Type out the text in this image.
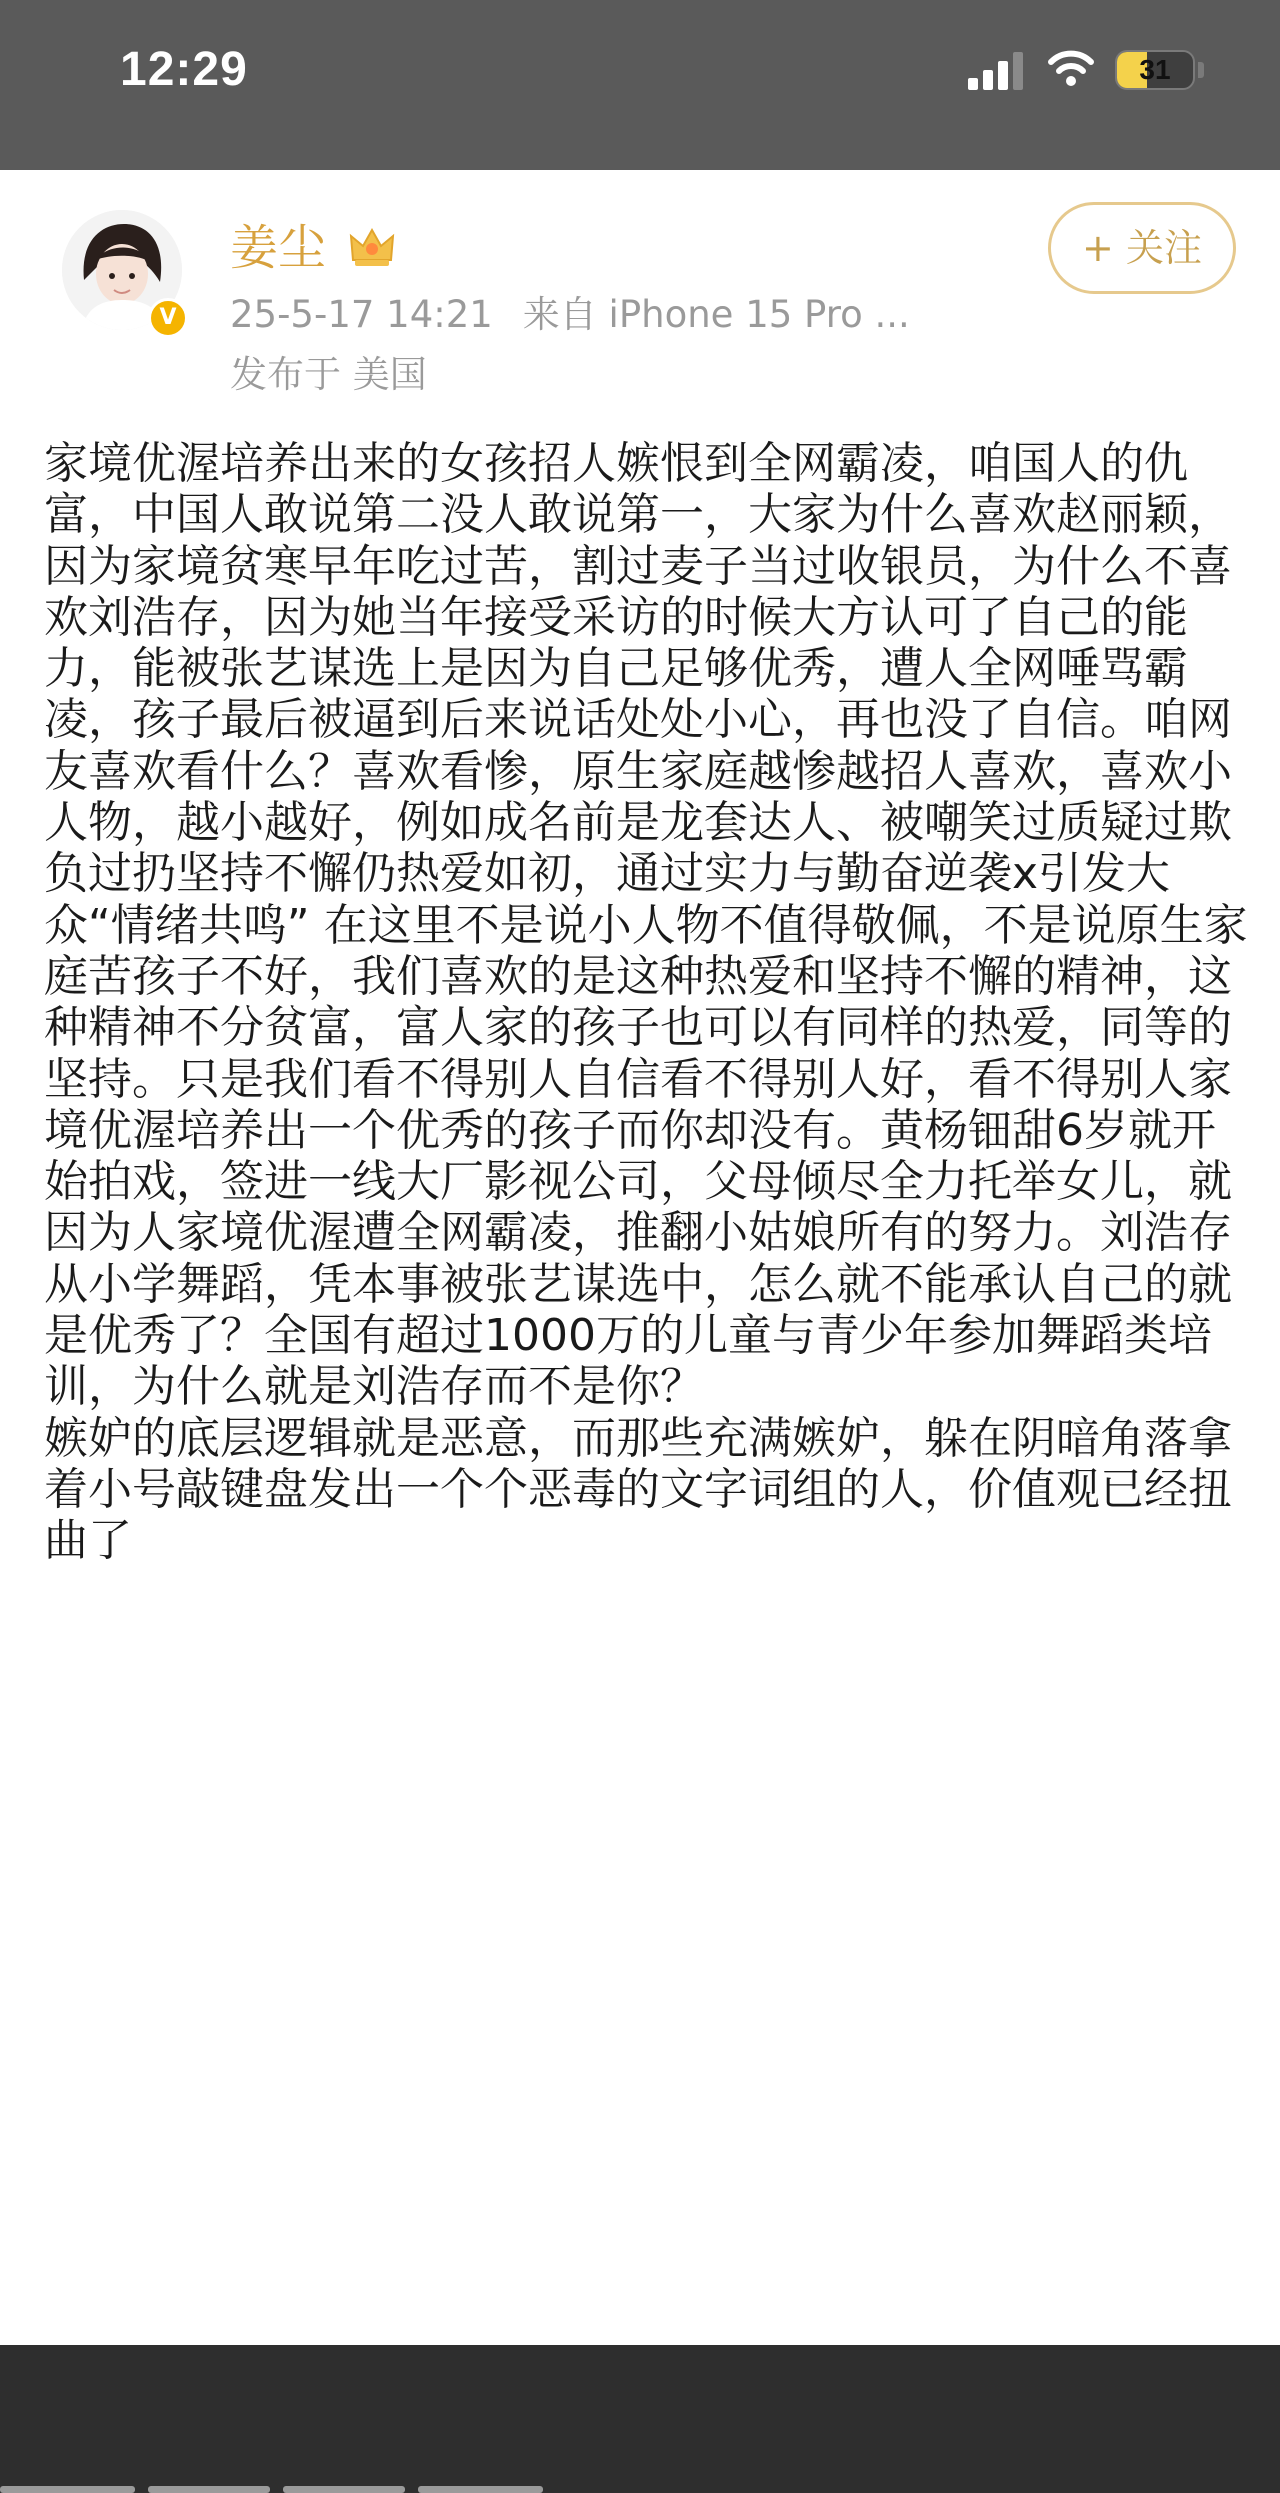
12:29	31
V
姜尘
25-5-17 14:21 来自 iPhone 15 Pro ...
发布于 美国
+ 关注

家境优渥培养出来的女孩招人嫉恨到全网霸凌，咱国人的仇富，中国人敢说第二没人敢说第一，大家为什么喜欢赵丽颖，因为家境贫寒早年吃过苦，割过麦子当过收银员，为什么不喜欢刘浩存，因为她当年接受采访的时候大方认可了自己的能力，能被张艺谋选上是因为自己足够优秀，遭人全网唾骂霸凌，孩子最后被逼到后来说话处处小心，再也没了自信。咱网友喜欢看什么？喜欢看惨，原生家庭越惨越招人喜欢，喜欢小人物，越小越好，例如成名前是龙套达人、被嘲笑过质疑过欺负过扔坚持不懈仍热爱如初，通过实力与勤奋逆袭x引发大众“情绪共鸣” 在这里不是说小人物不值得敬佩，不是说原生家庭苦孩子不好，我们喜欢的是这种热爱和坚持不懈的精神，这种精神不分贫富，富人家的孩子也可以有同样的热爱，同等的坚持。只是我们看不得别人自信看不得别人好，看不得别人家境优渥培养出一个优秀的孩子而你却没有。黄杨钿甜6岁就开始拍戏，签进一线大厂影视公司，父母倾尽全力托举女儿，就因为人家境优渥遭全网霸凌，推翻小姑娘所有的努力。刘浩存从小学舞蹈，凭本事被张艺谋选中，怎么就不能承认自己的就是优秀了？全国有超过1000万的儿童与青少年参加舞蹈类培训，为什么就是刘浩存而不是你？

嫉妒的底层逻辑就是恶意，而那些充满嫉妒，躲在阴暗角落拿着小号敲键盘发出一个个恶毒的文字词组的人，价值观已经扭曲了
